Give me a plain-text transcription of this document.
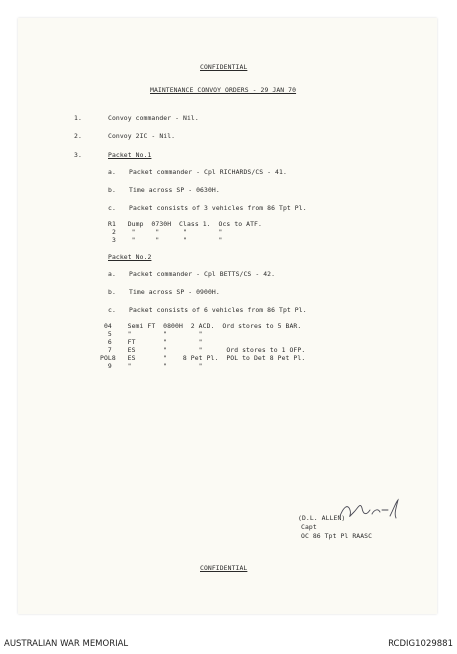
CONFIDENTIAL
MAINTENANCE CONVOY ORDERS - 29 JAN 70
1.	Convoy commander - Nil.
2.	Convoy 2IC - Nil.
3.	Packet No.1
a. Packet commander - Cpl RICHARDS/CS - 41.
b. Time across SP - 0630H.
c. Packet consists of 3 vehicles from 86 Tpt Pl.
R1   Dump  0730H  Class 1.  Ocs to ATF.
2    "     "      "        "
3    "     "      "        "
Packet No.2
a. Packet commander - Cpl BETTS/CS - 42.
b. Time across SP - 0900H.
c. Packet consists of 6 vehicles from 86 Tpt Pl.
04    Semi FT  0800H  2 ACD.  Ord stores to 5 BAR.
5    "        "        "
6    FT       "        "
7    ES       "        "      Ord stores to 1 OFP.
POL8   ES       "    8 Pet Pl.  POL to Det 8 Pet Pl.
9    "        "        "
(D.L. ALLEN)
Capt
OC 86 Tpt Pl RAASC
CONFIDENTIAL
AUSTRALIAN WAR MEMORIAL	RCDIG1029881
